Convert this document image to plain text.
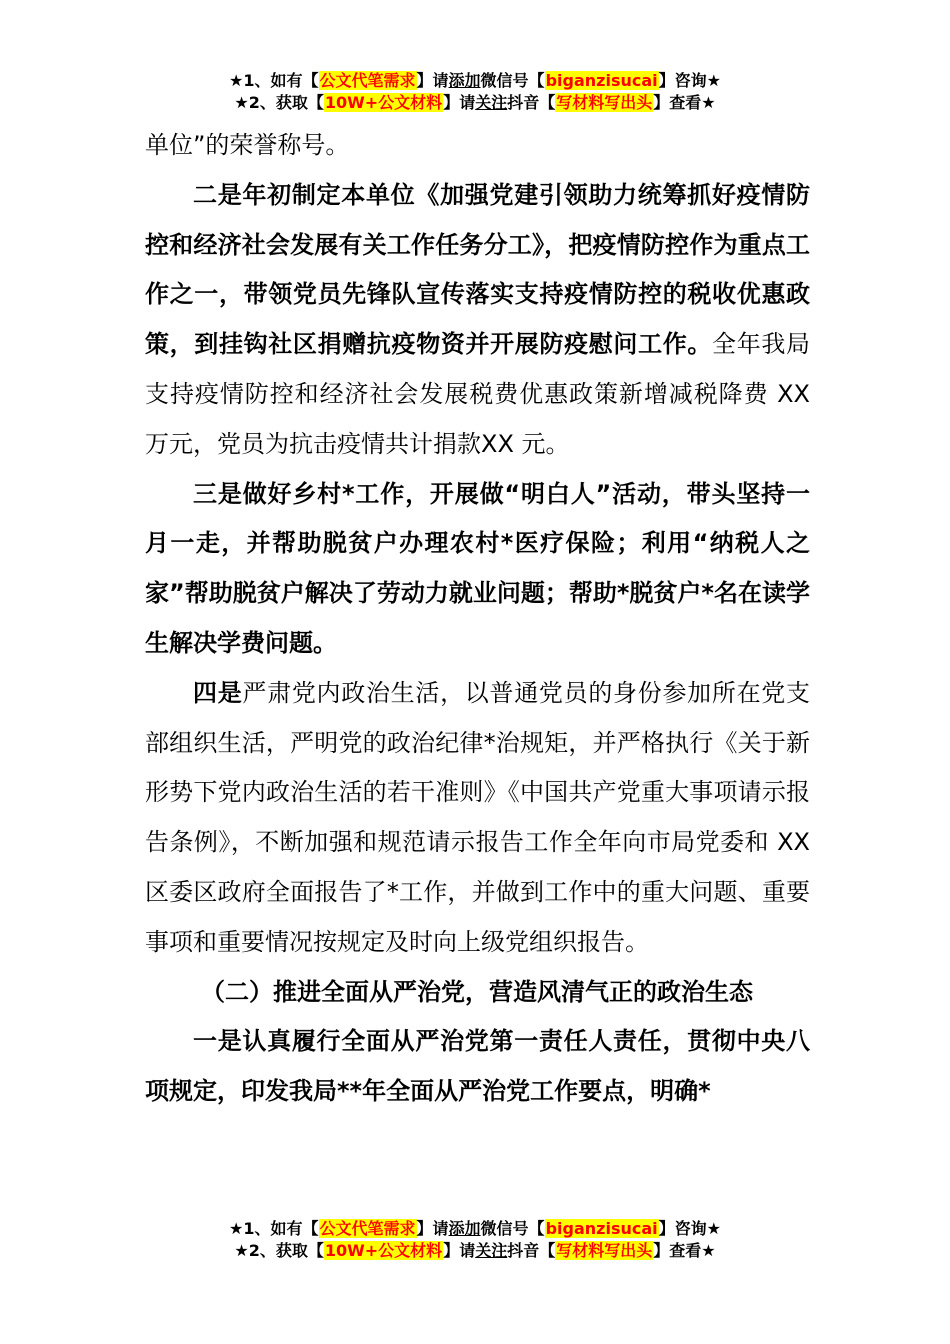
★1、如有【公文代笔需求】请添加微信号【biganzisucai】咨询★
★2、获取【10W+公文材料】请关注抖音【写材料写出头】查看★

单位”的荣誉称号。

二是年初制定本单位《加强党建引领助力统筹抓好疫情防控和经济社会发展有关工作任务分工》，把疫情防控作为重点工作之一，带领党员先锋队宣传落实支持疫情防控的税收优惠政策，到挂钩社区捐赠抗疫物资并开展防疫慰问工作。全年我局支持疫情防控和经济社会发展税费优惠政策新增减税降费 XX 万元，党员为抗击疫情共计捐款XX 元。

三是做好乡村*工作，开展做“明白人”活动，带头坚持一月一走，并帮助脱贫户办理农村*医疗保险；利用“纳税人之家”帮助脱贫户解决了劳动力就业问题；帮助*脱贫户*名在读学生解决学费问题。

四是严肃党内政治生活，以普通党员的身份参加所在党支部组织生活，严明党的政治纪律*治规矩，并严格执行《关于新形势下党内政治生活的若干准则》《中国共产党重大事项请示报告条例》，不断加强和规范请示报告工作全年向市局党委和 XX 区委区政府全面报告了*工作，并做到工作中的重大问题、重要事项和重要情况按规定及时向上级党组织报告。

（二）推进全面从严治党，营造风清气正的政治生态

一是认真履行全面从严治党第一责任人责任，贯彻中央八项规定，印发我局**年全面从严治党工作要点，明确*

★1、如有【公文代笔需求】请添加微信号【biganzisucai】咨询★
★2、获取【10W+公文材料】请关注抖音【写材料写出头】查看★
